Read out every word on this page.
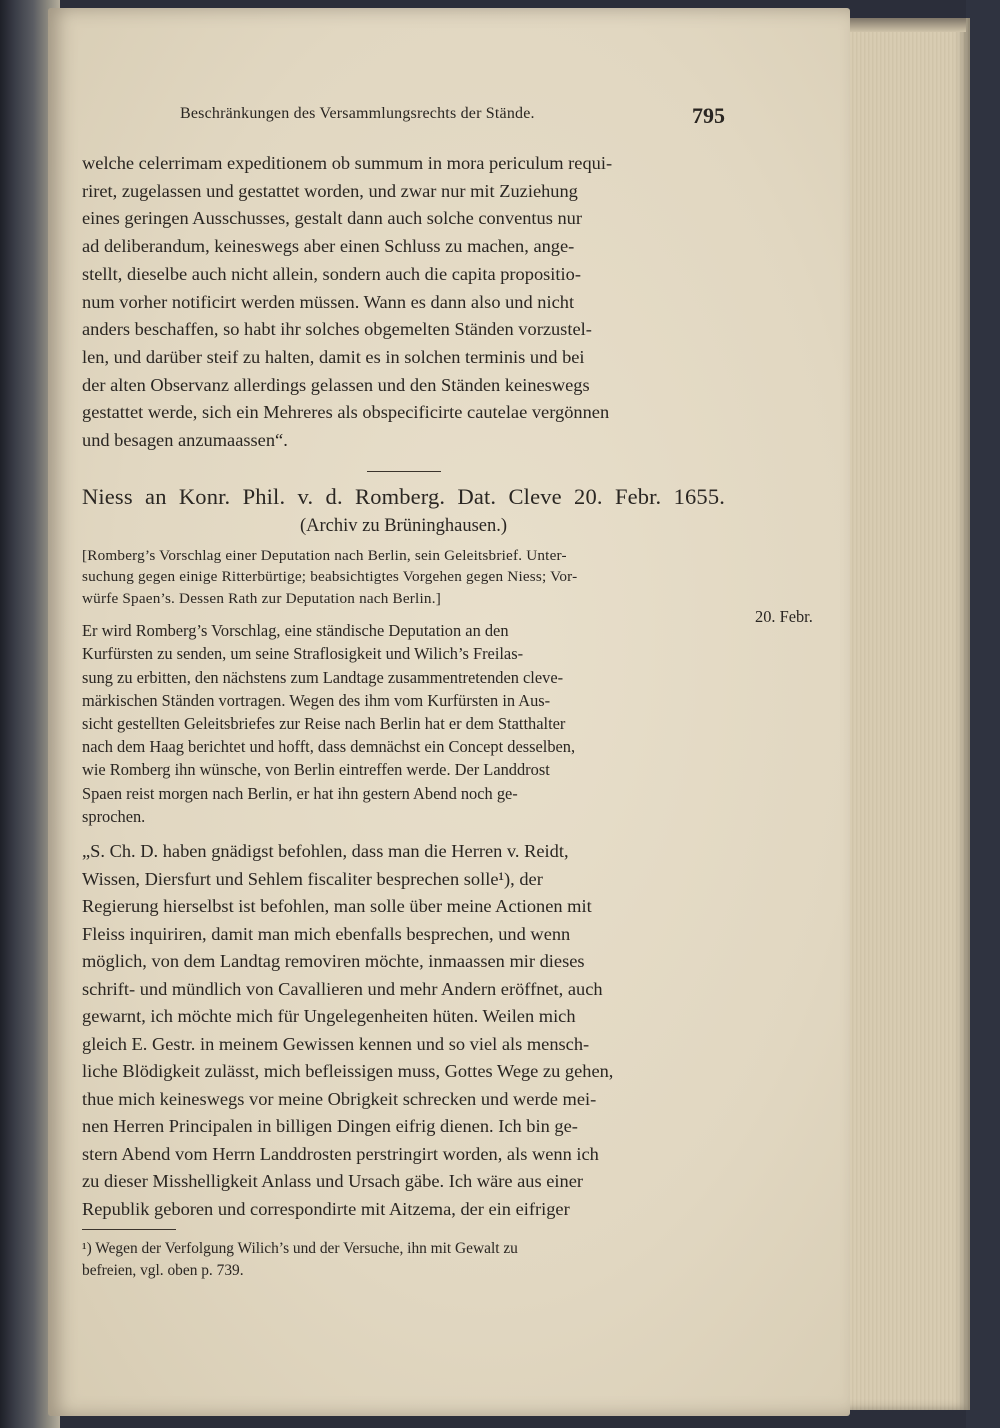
Beschränkungen des Versammlungsrechts der Stände.	795
20. Febr.

welche celerrimam expeditionem ob summum in mora periculum requi-
riret, zugelassen und gestattet worden, und zwar nur mit Zuziehung
eines geringen Ausschusses, gestalt dann auch solche conventus nur
ad deliberandum, keineswegs aber einen Schluss zu machen, ange-
stellt, dieselbe auch nicht allein, sondern auch die capita propositio-
num vorher notificirt werden müssen. Wann es dann also und nicht
anders beschaffen, so habt ihr solches obgemelten Ständen vorzustel-
len, und darüber steif zu halten, damit es in solchen terminis und bei
der alten Observanz allerdings gelassen und den Ständen keineswegs
gestattet werde, sich ein Mehreres als obspecificirte cautelae vergönnen
und besagen anzumaassen“.

Niess an Konr. Phil. v. d. Romberg. Dat. Cleve 20. Febr. 1655.

(Archiv zu Brüninghausen.)

[Romberg’s Vorschlag einer Deputation nach Berlin, sein Geleitsbrief. Unter-
suchung gegen einige Ritterbürtige; beabsichtigtes Vorgehen gegen Niess; Vor-
würfe Spaen’s. Dessen Rath zur Deputation nach Berlin.]

Er wird Romberg’s Vorschlag, eine ständische Deputation an den
Kurfürsten zu senden, um seine Straflosigkeit und Wilich’s Freilas-
sung zu erbitten, den nächstens zum Landtage zusammentretenden cleve-
märkischen Ständen vortragen. Wegen des ihm vom Kurfürsten in Aus-
sicht gestellten Geleitsbriefes zur Reise nach Berlin hat er dem Statthalter
nach dem Haag berichtet und hofft, dass demnächst ein Concept desselben,
wie Romberg ihn wünsche, von Berlin eintreffen werde. Der Landdrost
Spaen reist morgen nach Berlin, er hat ihn gestern Abend noch ge-
sprochen.

„S. Ch. D. haben gnädigst befohlen, dass man die Herren v. Reidt,
Wissen, Diersfurt und Sehlem fiscaliter besprechen solle¹), der
Regierung hierselbst ist befohlen, man solle über meine Actionen mit
Fleiss inquiriren, damit man mich ebenfalls besprechen, und wenn
möglich, von dem Landtag removiren möchte, inmaassen mir dieses
schrift- und mündlich von Cavallieren und mehr Andern eröffnet, auch
gewarnt, ich möchte mich für Ungelegenheiten hüten. Weilen mich
gleich E. Gestr. in meinem Gewissen kennen und so viel als mensch-
liche Blödigkeit zulässt, mich befleissigen muss, Gottes Wege zu gehen,
thue mich keineswegs vor meine Obrigkeit schrecken und werde mei-
nen Herren Principalen in billigen Dingen eifrig dienen. Ich bin ge-
stern Abend vom Herrn Landdrosten perstringirt worden, als wenn ich
zu dieser Misshelligkeit Anlass und Ursach gäbe. Ich wäre aus einer
Republik geboren und correspondirte mit Aitzema, der ein eifriger

¹) Wegen der Verfolgung Wilich’s und der Versuche, ihn mit Gewalt zu
befreien, vgl. oben p. 739.
